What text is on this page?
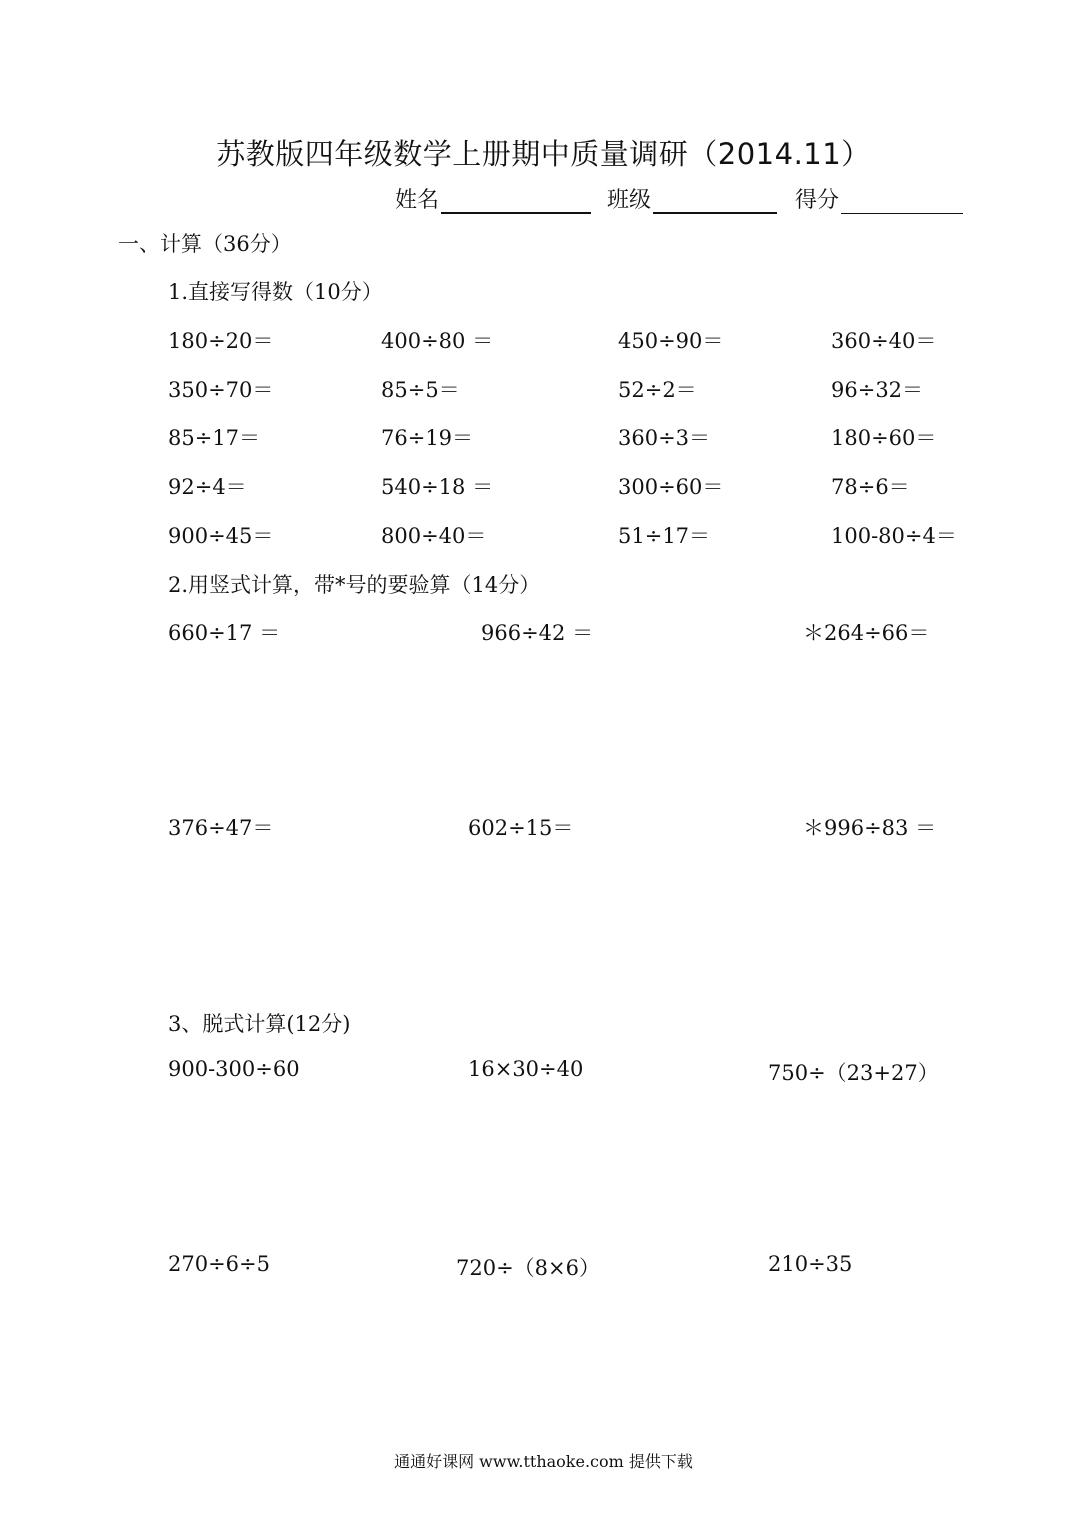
苏教版四年级数学上册期中质量调研（2014.11）
姓名	班级	得分
一、计算（36分）
1.直接写得数（10分）
180÷20＝	400÷80 ＝	450÷90＝	360÷40＝
350÷70＝	85÷5＝	52÷2＝	96÷32＝
85÷17＝	76÷19＝	360÷3＝	180÷60＝
92÷4＝	540÷18 ＝	300÷60＝	78÷6＝
900÷45＝	800÷40＝	51÷17＝	100-80÷4＝
2.用竖式计算，带*号的要验算（14分）
660÷17 ＝	966÷42 ＝	＊264÷66＝
376÷47＝	602÷15＝	＊996÷83 ＝
3、脱式计算(12分)
900-300÷60	16×30÷40	750÷（23+27）
270÷6÷5	720÷（8×6）	210÷35
通通好课网 www.tthaoke.com 提供下载
